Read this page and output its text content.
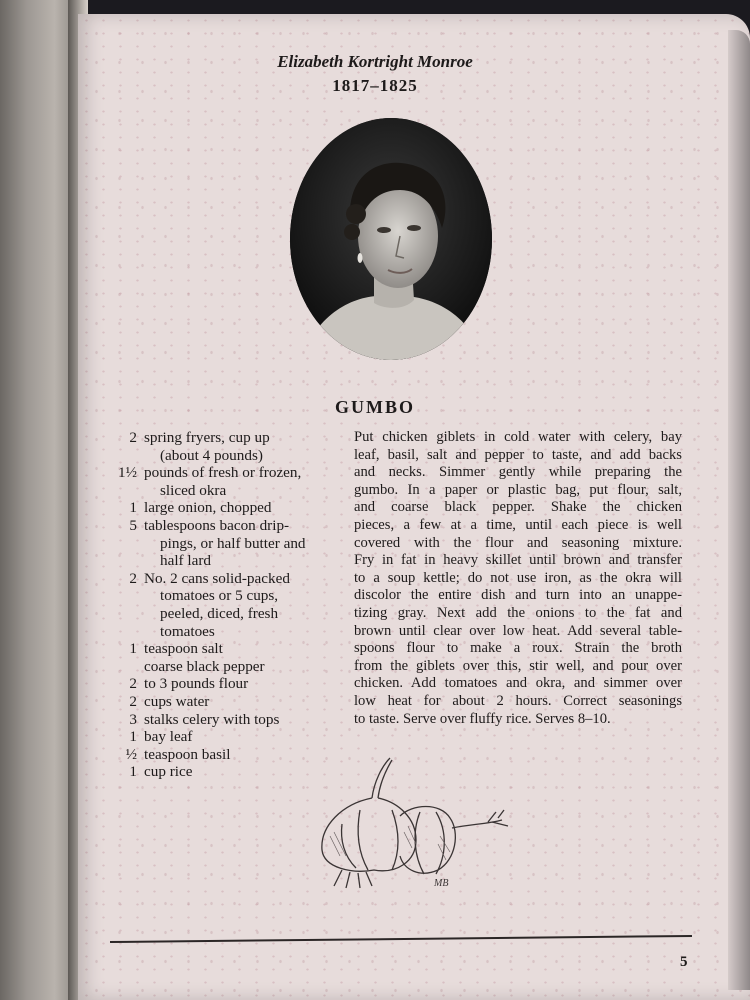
Elizabeth Kortright Monroe
1817–1825
GUMBO
2 spring fryers, cup up
(about 4 pounds)
1½ pounds of fresh or frozen,
sliced okra
1 large onion, chopped
5 tablespoons bacon drip-
pings, or half butter and
half lard
2 No. 2 cans solid-packed
tomatoes or 5 cups,
peeled, diced, fresh
tomatoes
1 teaspoon salt
coarse black pepper
2 to 3 pounds flour
2 cups water
3 stalks celery with tops
1 bay leaf
½ teaspoon basil
1 cup rice
Put chicken giblets in cold water with celery, bay
leaf, basil, salt and pepper to taste, and add backs
and necks. Simmer gently while preparing the
gumbo. In a paper or plastic bag, put flour, salt,
and coarse black pepper. Shake the chicken
pieces, a few at a time, until each piece is well
covered with the flour and seasoning mixture.
Fry in fat in heavy skillet until brown and transfer
to a soup kettle; do not use iron, as the okra will
discolor the entire dish and turn into an unappe-
tizing gray. Next add the onions to the fat and
brown until clear over low heat. Add several table-
spoons flour to make a roux. Strain the broth
from the giblets over this, stir well, and pour over
chicken. Add tomatoes and okra, and simmer over
low heat for about 2 hours. Correct seasonings
to taste. Serve over fluffy rice. Serves 8–10.
MB
5
